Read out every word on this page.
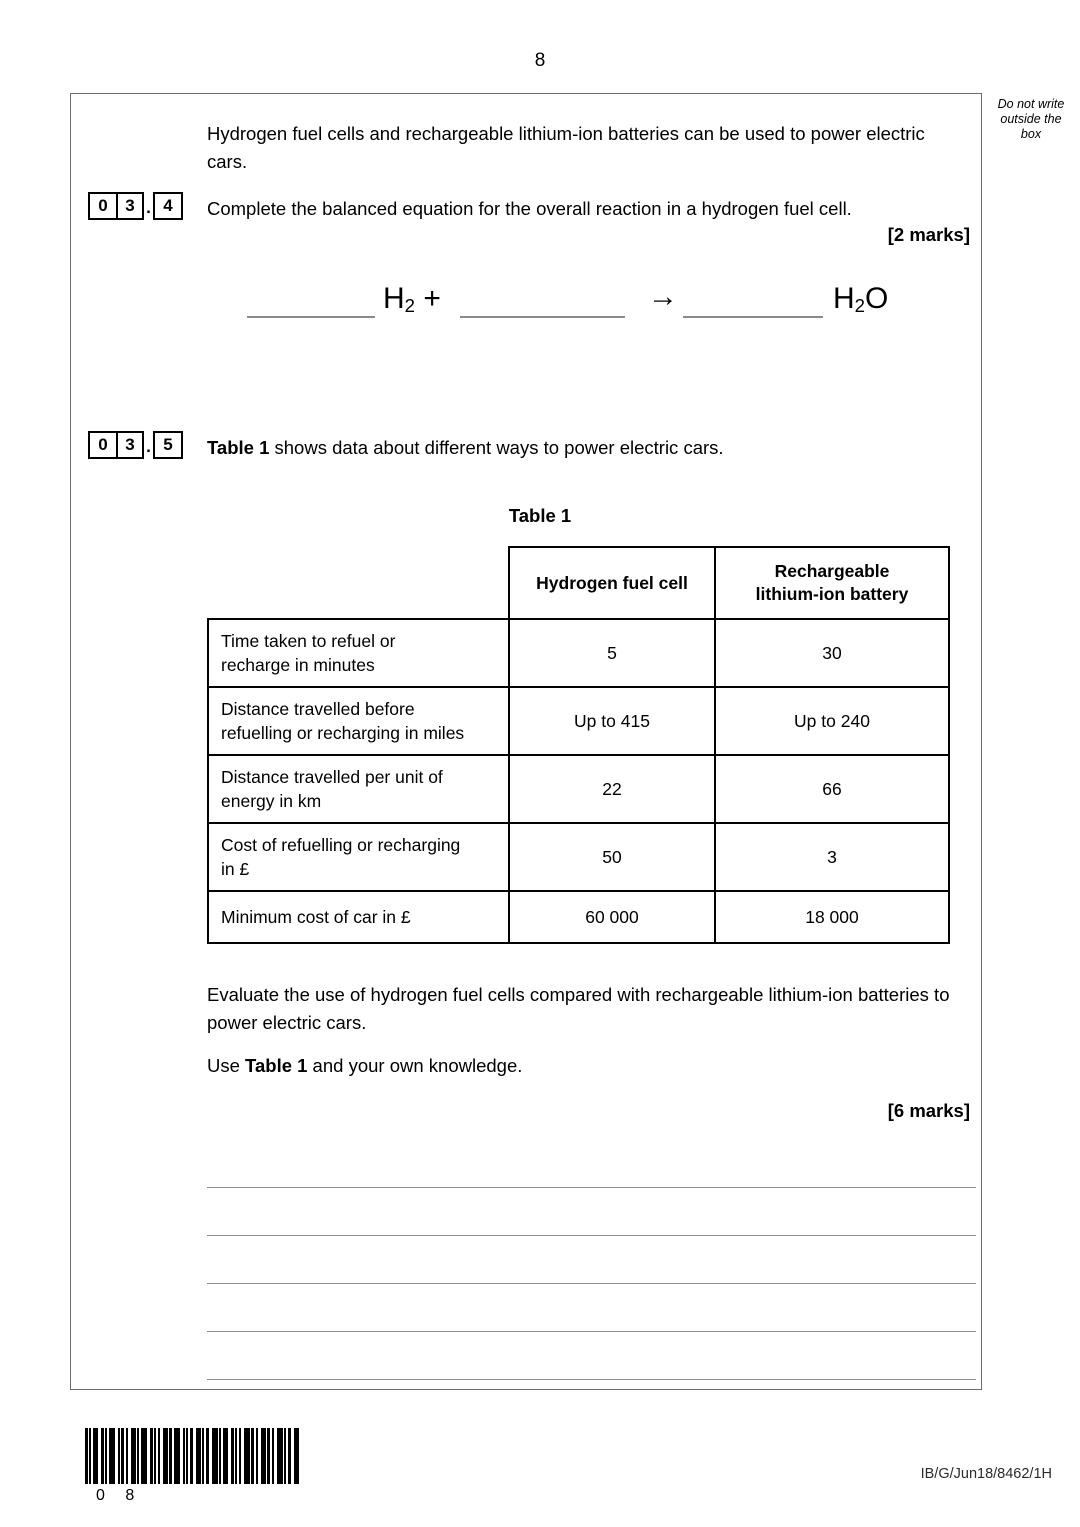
8
Do not write
outside the
box
Hydrogen fuel cells and rechargeable lithium-ion batteries can be used to power electric cars.
0	3 . 4	Complete the balanced equation for the overall reaction in a hydrogen fuel cell.
[2 marks]
$H_2$ +	→	$H_2O$
0	3 . 5	Table 1 shows data about different ways to power electric cars.
Table 1
	Hydrogen fuel cell	Rechargeable
lithium-ion battery
Time taken to refuel or
recharge in minutes	5	30
Distance travelled before
refuelling or recharging in miles	Up to 415	Up to 240
Distance travelled per unit of
energy in km	22	66
Cost of refuelling or recharging
in £	50	3
Minimum cost of car in £	60 000	18 000
Evaluate the use of hydrogen fuel cells compared with rechargeable lithium-ion batteries to power electric cars.
Use Table 1 and your own knowledge.
[6 marks]
0 8
IB/G/Jun18/8462/1H
